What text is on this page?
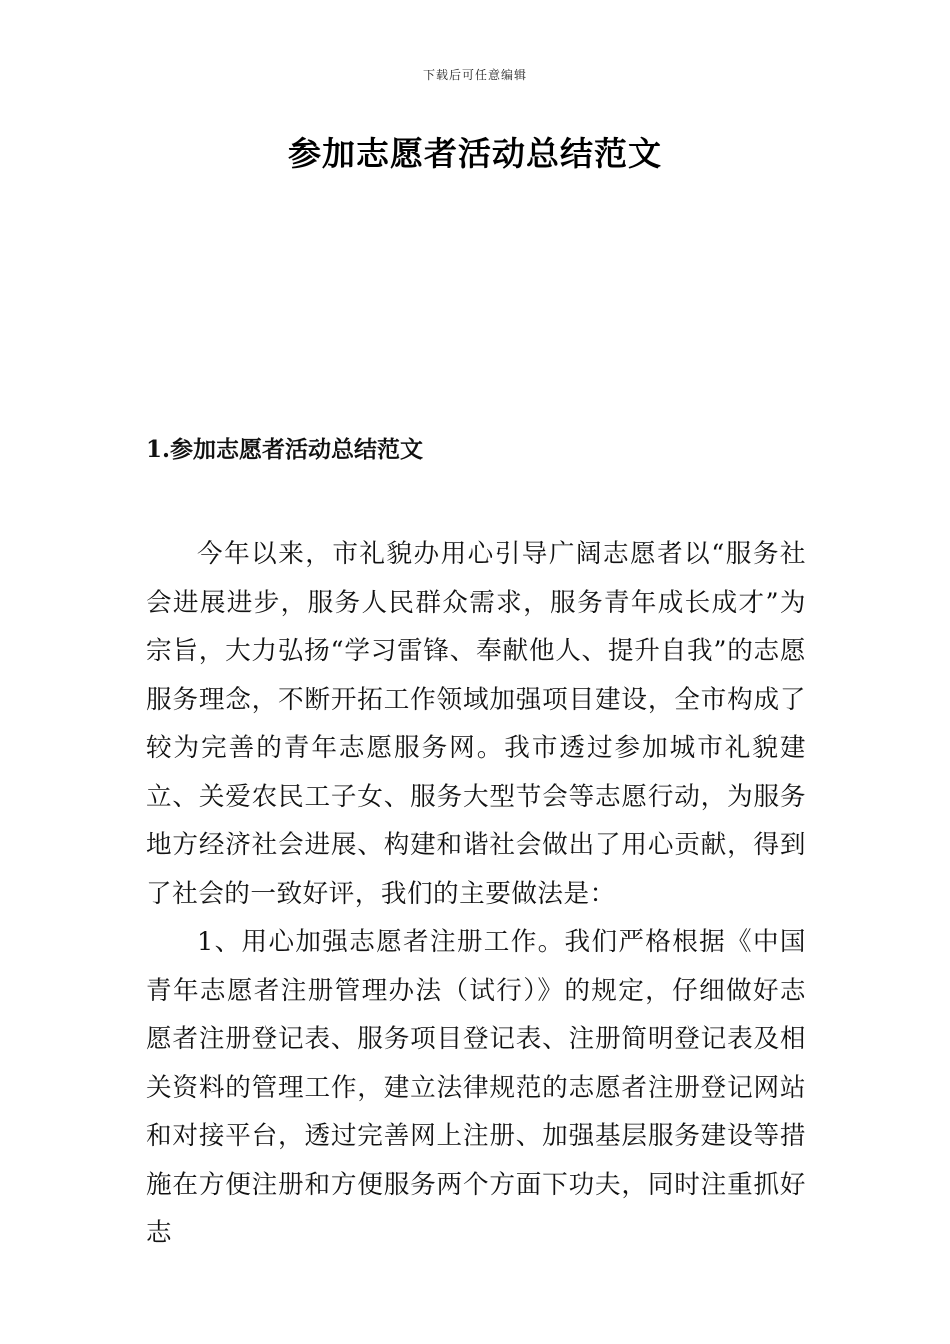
下载后可任意编辑
参加志愿者活动总结范文
1.参加志愿者活动总结范文

今年以来，市礼貌办用心引导广阔志愿者以“服务社会进展进步，服务人民群众需求，服务青年成长成才”为宗旨，大力弘扬“学习雷锋、奉献他人、提升自我”的志愿服务理念，不断开拓工作领域加强项目建设，全市构成了较为完善的青年志愿服务网。我市透过参加城市礼貌建立、关爱农民工子女、服务大型节会等志愿行动，为服务地方经济社会进展、构建和谐社会做出了用心贡献，得到了社会的一致好评，我们的主要做法是：

1、用心加强志愿者注册工作。我们严格根据《中国青年志愿者注册管理办法（试行）》的规定，仔细做好志愿者注册登记表、服务项目登记表、注册简明登记表及相关资料的管理工作，建立法律规范的志愿者注册登记网站和对接平台，透过完善网上注册、加强基层服务建设等措施在方便注册和方便服务两个方面下功夫，同时注重抓好志
